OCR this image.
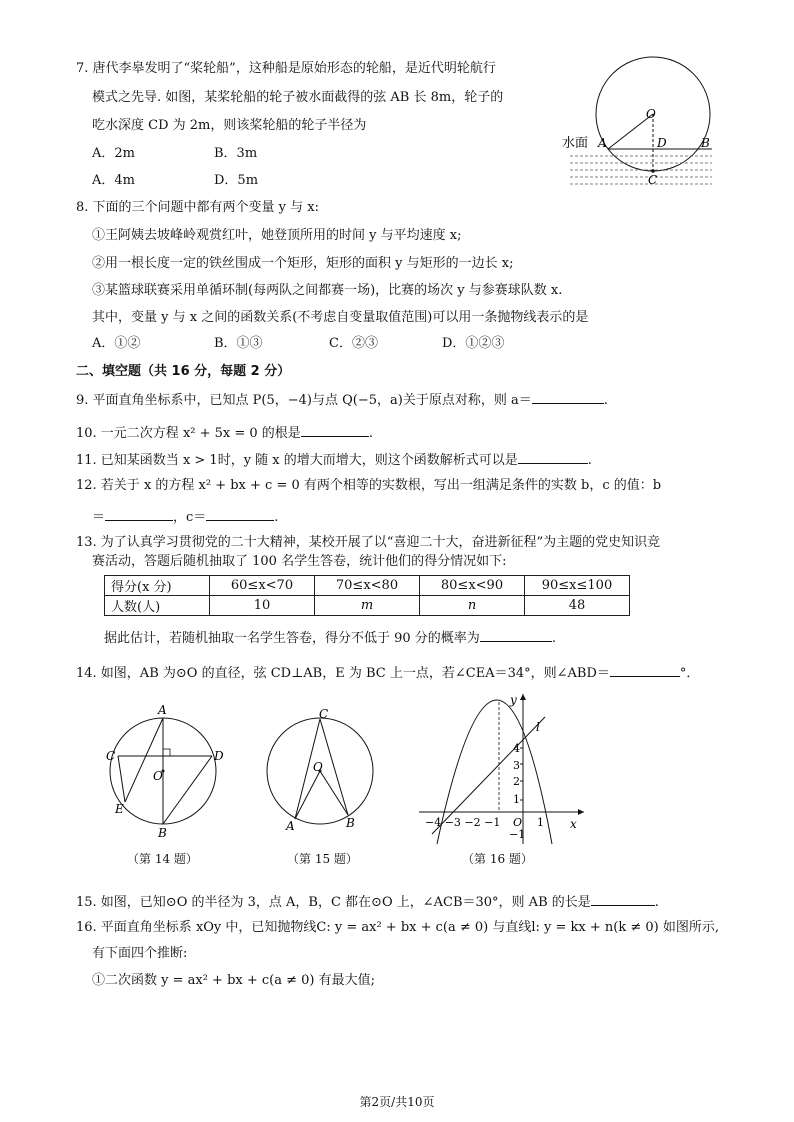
7. 唐代李皋发明了“桨轮船”，这种船是原始形态的轮船，是近代明轮航行
模式之先导. 如图，某桨轮船的轮子被水面截得的弦 AB 长 8m，轮子的
吃水深度 CD 为 2m，则该桨轮船的轮子半径为
A．2m	B．3m
A．4m	D．5m
水面
O
A	D	B
C
8. 下面的三个问题中都有两个变量 y 与 x:
①王阿姨去坡峰岭观赏红叶，她登顶所用的时间 y 与平均速度 x;
②用一根长度一定的铁丝围成一个矩形，矩形的面积 y 与矩形的一边长 x;
③某篮球联赛采用单循环制(每两队之间都赛一场)，比赛的场次 y 与参赛球队数 x.
其中，变量 y 与 x 之间的函数关系(不考虑自变量取值范围)可以用一条抛物线表示的是
A．①②	B．①③	C．②③	D．①②③
二、填空题（共 16 分，每题 2 分）
9. 平面直角坐标系中，已知点 P(5，−4)与点 Q(−5，a)关于原点对称，则 a＝	.
10. 一元二次方程 x² + 5x = 0 的根是	.
11. 已知某函数当 x > 1时，y 随 x 的增大而增大，则这个函数解析式可以是	.
12. 若关于 x 的方程 x² + bx + c = 0 有两个相等的实数根，写出一组满足条件的实数 b，c 的值：b
＝	，c＝	.
13. 为了认真学习贯彻党的二十大精神，某校开展了以“喜迎二十大，奋进新征程”为主题的党史知识竞
赛活动，答题后随机抽取了 100 名学生答卷，统计他们的得分情况如下:
得分(x 分)	60≤x<70	70≤x<80	80≤x<90	90≤x≤100
人数(人)	10	m	n	48
据此估计，若随机抽取一名学生答卷，得分不低于 90 分的概率为	.
14. 如图，AB 为⊙O 的直径，弦 CD⊥AB，E 为 BC 上一点，若∠CEA＝34°，则∠ABD＝	°．
A
C	D
O
E
B
（第 14 题）
C
O
A	B
（第 15 题）
y
l
4
3
2
1
−1
−4 −3 −2 −1 O 1 x
（第 16 题）
15. 如图，已知⊙O 的半径为 3，点 A，B，C 都在⊙O 上，∠ACB＝30°，则 AB 的长是	.
16. 平面直角坐标系 xOy 中，已知抛物线C: y = ax² + bx + c(a ≠ 0) 与直线l: y = kx + n(k ≠ 0) 如图所示,
有下面四个推断:
①二次函数 y = ax² + bx + c(a ≠ 0) 有最大值;
第2页/共10页
